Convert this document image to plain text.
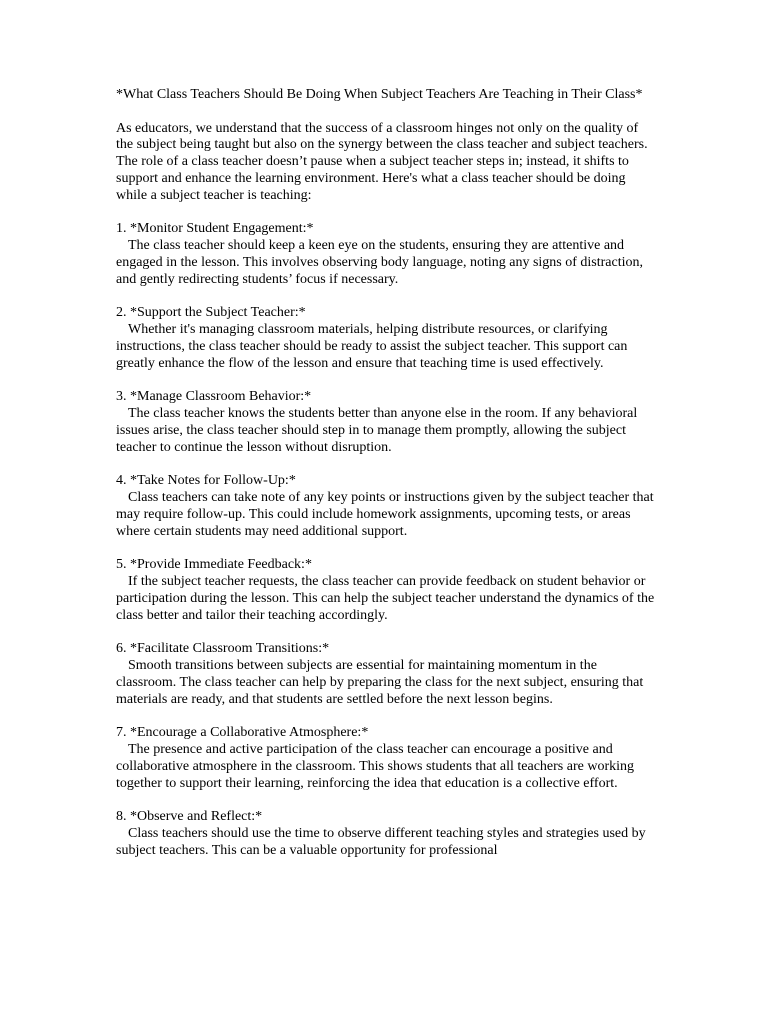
*What Class Teachers Should Be Doing When Subject Teachers Are Teaching in Their Class*

As educators, we understand that the success of a classroom hinges not only on the quality of the subject being taught but also on the synergy between the class teacher and subject teachers. The role of a class teacher doesn’t pause when a subject teacher steps in; instead, it shifts to support and enhance the learning environment. Here's what a class teacher should be doing while a subject teacher is teaching:

1. *Monitor Student Engagement:*

The class teacher should keep a keen eye on the students, ensuring they are attentive and engaged in the lesson. This involves observing body language, noting any signs of distraction, and gently redirecting students’ focus if necessary.

2. *Support the Subject Teacher:*

Whether it's managing classroom materials, helping distribute resources, or clarifying instructions, the class teacher should be ready to assist the subject teacher. This support can greatly enhance the flow of the lesson and ensure that teaching time is used effectively.

3. *Manage Classroom Behavior:*

The class teacher knows the students better than anyone else in the room. If any behavioral issues arise, the class teacher should step in to manage them promptly, allowing the subject teacher to continue the lesson without disruption.

4. *Take Notes for Follow-Up:*

Class teachers can take note of any key points or instructions given by the subject teacher that may require follow-up. This could include homework assignments, upcoming tests, or areas where certain students may need additional support.

5. *Provide Immediate Feedback:*

If the subject teacher requests, the class teacher can provide feedback on student behavior or participation during the lesson. This can help the subject teacher understand the dynamics of the class better and tailor their teaching accordingly.

6. *Facilitate Classroom Transitions:*

Smooth transitions between subjects are essential for maintaining momentum in the classroom. The class teacher can help by preparing the class for the next subject, ensuring that materials are ready, and that students are settled before the next lesson begins.

7. *Encourage a Collaborative Atmosphere:*

The presence and active participation of the class teacher can encourage a positive and collaborative atmosphere in the classroom. This shows students that all teachers are working together to support their learning, reinforcing the idea that education is a collective effort.

8. *Observe and Reflect:*

Class teachers should use the time to observe different teaching styles and strategies used by subject teachers. This can be a valuable opportunity for professional
